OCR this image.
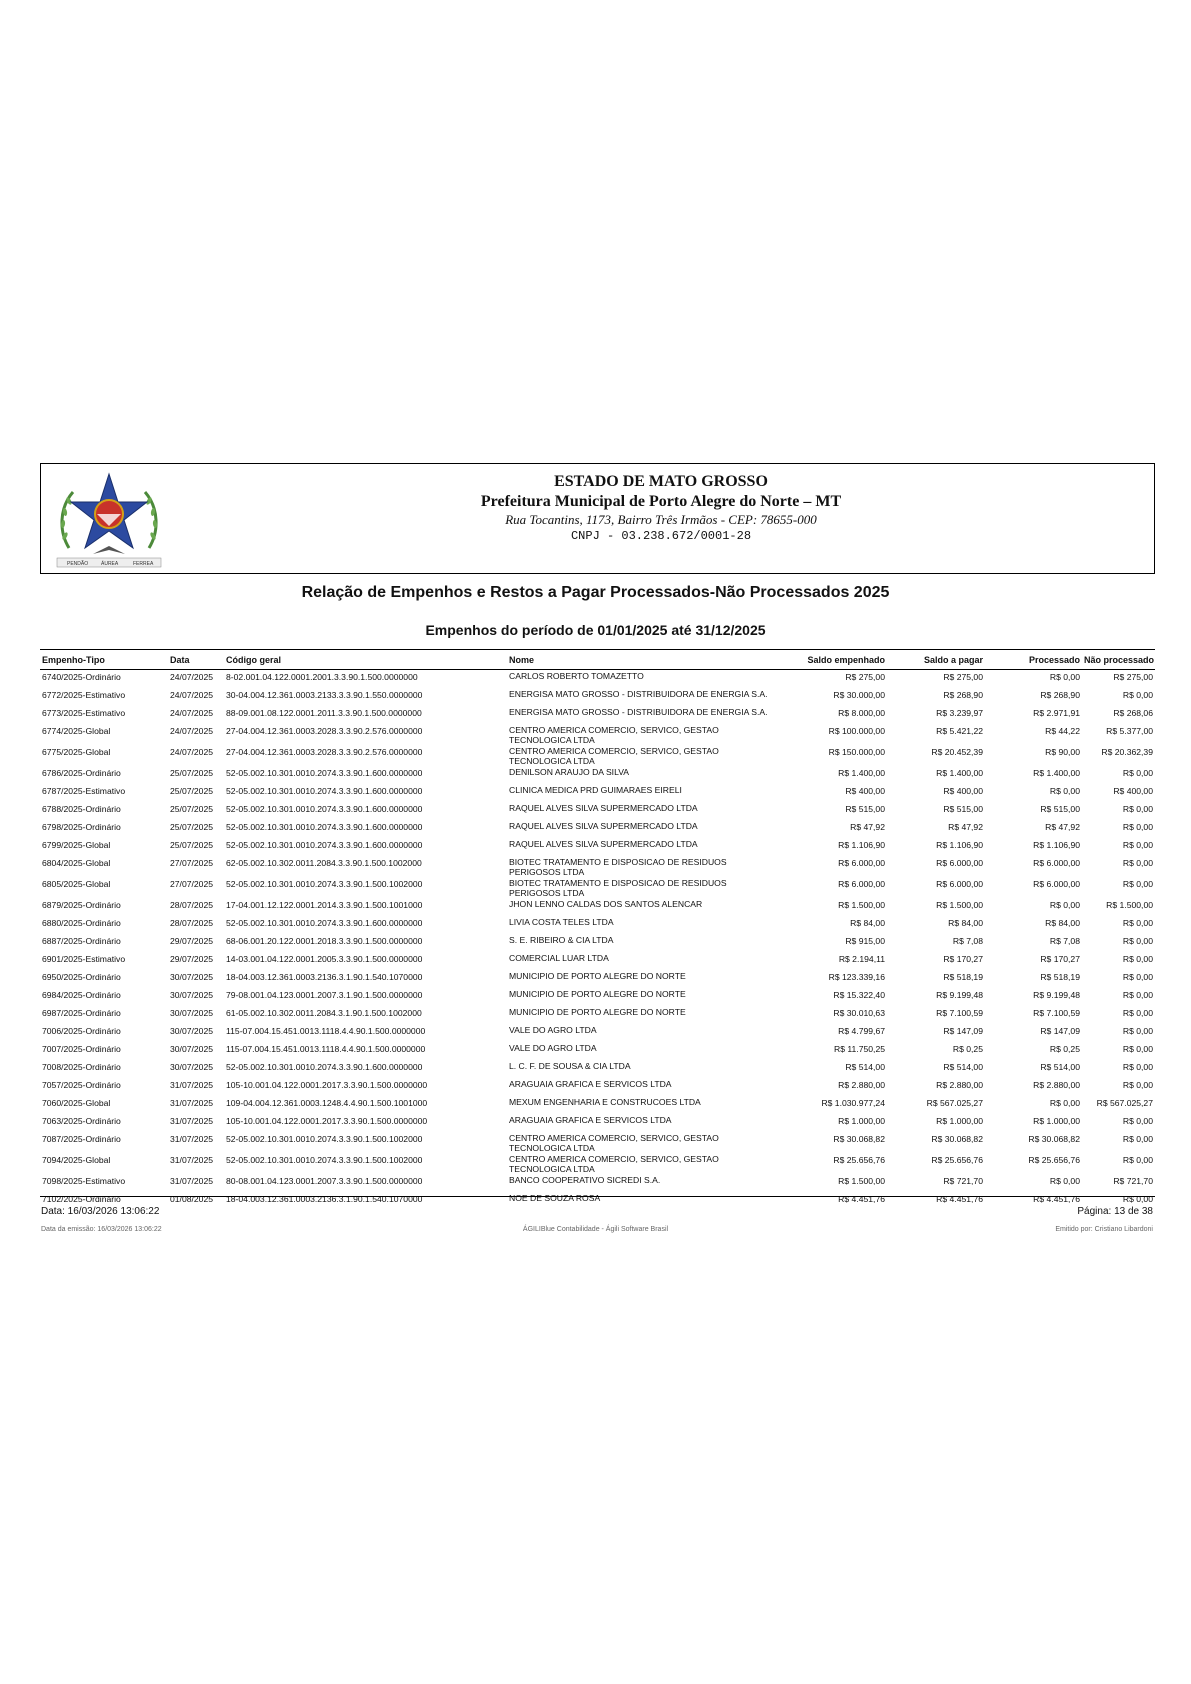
PENDÃO	ÁUREA	FERREA
ESTADO DE MATO GROSSO
Prefeitura Municipal de Porto Alegre do Norte – MT
Rua Tocantins, 1173, Bairro Três Irmãos - CEP: 78655-000
CNPJ - 03.238.672/0001-28
Relação de Empenhos e Restos a Pagar Processados-Não Processados 2025
Empenhos do período de 01/01/2025 até 31/12/2025
Empenho-Tipo	Data	Código geral	Nome	Saldo empenhado	Saldo a pagar	Processado	Não processado
6740/2025-Ordinário	24/07/2025	8-02.001.04.122.0001.2001.3.3.90.1.500.0000000	CARLOS ROBERTO TOMAZETTO	R$ 275,00	R$ 275,00	R$ 0,00	R$ 275,00
6772/2025-Estimativo	24/07/2025	30-04.004.12.361.0003.2133.3.3.90.1.550.0000000	ENERGISA MATO GROSSO - DISTRIBUIDORA DE ENERGIA S.A.	R$ 30.000,00	R$ 268,90	R$ 268,90	R$ 0,00
6773/2025-Estimativo	24/07/2025	88-09.001.08.122.0001.2011.3.3.90.1.500.0000000	ENERGISA MATO GROSSO - DISTRIBUIDORA DE ENERGIA S.A.	R$ 8.000,00	R$ 3.239,97	R$ 2.971,91	R$ 268,06
6774/2025-Global	24/07/2025	27-04.004.12.361.0003.2028.3.3.90.2.576.0000000	CENTRO AMERICA COMERCIO, SERVICO, GESTAO TECNOLOGICA LTDA	R$ 100.000,00	R$ 5.421,22	R$ 44,22	R$ 5.377,00
6775/2025-Global	24/07/2025	27-04.004.12.361.0003.2028.3.3.90.2.576.0000000	CENTRO AMERICA COMERCIO, SERVICO, GESTAO TECNOLOGICA LTDA	R$ 150.000,00	R$ 20.452,39	R$ 90,00	R$ 20.362,39
6786/2025-Ordinário	25/07/2025	52-05.002.10.301.0010.2074.3.3.90.1.600.0000000	DENILSON ARAUJO DA SILVA	R$ 1.400,00	R$ 1.400,00	R$ 1.400,00	R$ 0,00
6787/2025-Estimativo	25/07/2025	52-05.002.10.301.0010.2074.3.3.90.1.600.0000000	CLINICA MEDICA PRD GUIMARAES EIRELI	R$ 400,00	R$ 400,00	R$ 0,00	R$ 400,00
6788/2025-Ordinário	25/07/2025	52-05.002.10.301.0010.2074.3.3.90.1.600.0000000	RAQUEL ALVES SILVA SUPERMERCADO LTDA	R$ 515,00	R$ 515,00	R$ 515,00	R$ 0,00
6798/2025-Ordinário	25/07/2025	52-05.002.10.301.0010.2074.3.3.90.1.600.0000000	RAQUEL ALVES SILVA SUPERMERCADO LTDA	R$ 47,92	R$ 47,92	R$ 47,92	R$ 0,00
6799/2025-Global	25/07/2025	52-05.002.10.301.0010.2074.3.3.90.1.600.0000000	RAQUEL ALVES SILVA SUPERMERCADO LTDA	R$ 1.106,90	R$ 1.106,90	R$ 1.106,90	R$ 0,00
6804/2025-Global	27/07/2025	62-05.002.10.302.0011.2084.3.3.90.1.500.1002000	BIOTEC TRATAMENTO E DISPOSICAO DE RESIDUOS PERIGOSOS LTDA	R$ 6.000,00	R$ 6.000,00	R$ 6.000,00	R$ 0,00
6805/2025-Global	27/07/2025	52-05.002.10.301.0010.2074.3.3.90.1.500.1002000	BIOTEC TRATAMENTO E DISPOSICAO DE RESIDUOS PERIGOSOS LTDA	R$ 6.000,00	R$ 6.000,00	R$ 6.000,00	R$ 0,00
6879/2025-Ordinário	28/07/2025	17-04.001.12.122.0001.2014.3.3.90.1.500.1001000	JHON LENNO CALDAS DOS SANTOS ALENCAR	R$ 1.500,00	R$ 1.500,00	R$ 0,00	R$ 1.500,00
6880/2025-Ordinário	28/07/2025	52-05.002.10.301.0010.2074.3.3.90.1.600.0000000	LIVIA COSTA TELES LTDA	R$ 84,00	R$ 84,00	R$ 84,00	R$ 0,00
6887/2025-Ordinário	29/07/2025	68-06.001.20.122.0001.2018.3.3.90.1.500.0000000	S. E. RIBEIRO & CIA LTDA	R$ 915,00	R$ 7,08	R$ 7,08	R$ 0,00
6901/2025-Estimativo	29/07/2025	14-03.001.04.122.0001.2005.3.3.90.1.500.0000000	COMERCIAL LUAR LTDA	R$ 2.194,11	R$ 170,27	R$ 170,27	R$ 0,00
6950/2025-Ordinário	30/07/2025	18-04.003.12.361.0003.2136.3.1.90.1.540.1070000	MUNICIPIO DE PORTO ALEGRE DO NORTE	R$ 123.339,16	R$ 518,19	R$ 518,19	R$ 0,00
6984/2025-Ordinário	30/07/2025	79-08.001.04.123.0001.2007.3.1.90.1.500.0000000	MUNICIPIO DE PORTO ALEGRE DO NORTE	R$ 15.322,40	R$ 9.199,48	R$ 9.199,48	R$ 0,00
6987/2025-Ordinário	30/07/2025	61-05.002.10.302.0011.2084.3.1.90.1.500.1002000	MUNICIPIO DE PORTO ALEGRE DO NORTE	R$ 30.010,63	R$ 7.100,59	R$ 7.100,59	R$ 0,00
7006/2025-Ordinário	30/07/2025	115-07.004.15.451.0013.1118.4.4.90.1.500.0000000	VALE DO AGRO LTDA	R$ 4.799,67	R$ 147,09	R$ 147,09	R$ 0,00
7007/2025-Ordinário	30/07/2025	115-07.004.15.451.0013.1118.4.4.90.1.500.0000000	VALE DO AGRO LTDA	R$ 11.750,25	R$ 0,25	R$ 0,25	R$ 0,00
7008/2025-Ordinário	30/07/2025	52-05.002.10.301.0010.2074.3.3.90.1.600.0000000	L. C. F. DE SOUSA & CIA LTDA	R$ 514,00	R$ 514,00	R$ 514,00	R$ 0,00
7057/2025-Ordinário	31/07/2025	105-10.001.04.122.0001.2017.3.3.90.1.500.0000000	ARAGUAIA GRAFICA E SERVICOS LTDA	R$ 2.880,00	R$ 2.880,00	R$ 2.880,00	R$ 0,00
7060/2025-Global	31/07/2025	109-04.004.12.361.0003.1248.4.4.90.1.500.1001000	MEXUM ENGENHARIA E CONSTRUCOES LTDA	R$ 1.030.977,24	R$ 567.025,27	R$ 0,00	R$ 567.025,27
7063/2025-Ordinário	31/07/2025	105-10.001.04.122.0001.2017.3.3.90.1.500.0000000	ARAGUAIA GRAFICA E SERVICOS LTDA	R$ 1.000,00	R$ 1.000,00	R$ 1.000,00	R$ 0,00
7087/2025-Ordinário	31/07/2025	52-05.002.10.301.0010.2074.3.3.90.1.500.1002000	CENTRO AMERICA COMERCIO, SERVICO, GESTAO TECNOLOGICA LTDA	R$ 30.068,82	R$ 30.068,82	R$ 30.068,82	R$ 0,00
7094/2025-Global	31/07/2025	52-05.002.10.301.0010.2074.3.3.90.1.500.1002000	CENTRO AMERICA COMERCIO, SERVICO, GESTAO TECNOLOGICA LTDA	R$ 25.656,76	R$ 25.656,76	R$ 25.656,76	R$ 0,00
7098/2025-Estimativo	31/07/2025	80-08.001.04.123.0001.2007.3.3.90.1.500.0000000	BANCO COOPERATIVO SICREDI S.A.	R$ 1.500,00	R$ 721,70	R$ 0,00	R$ 721,70
7102/2025-Ordinário	01/08/2025	18-04.003.12.361.0003.2136.3.1.90.1.540.1070000	NOE DE SOUZA ROSA	R$ 4.451,76	R$ 4.451,76	R$ 4.451,76	R$ 0,00
Data: 16/03/2026 13:06:22	Página: 13 de 38
Data da emissão: 16/03/2026 13:06:22	ÁGILIBlue Contabilidade - Ágili Software Brasil	Emitido por: Cristiano Libardoni
